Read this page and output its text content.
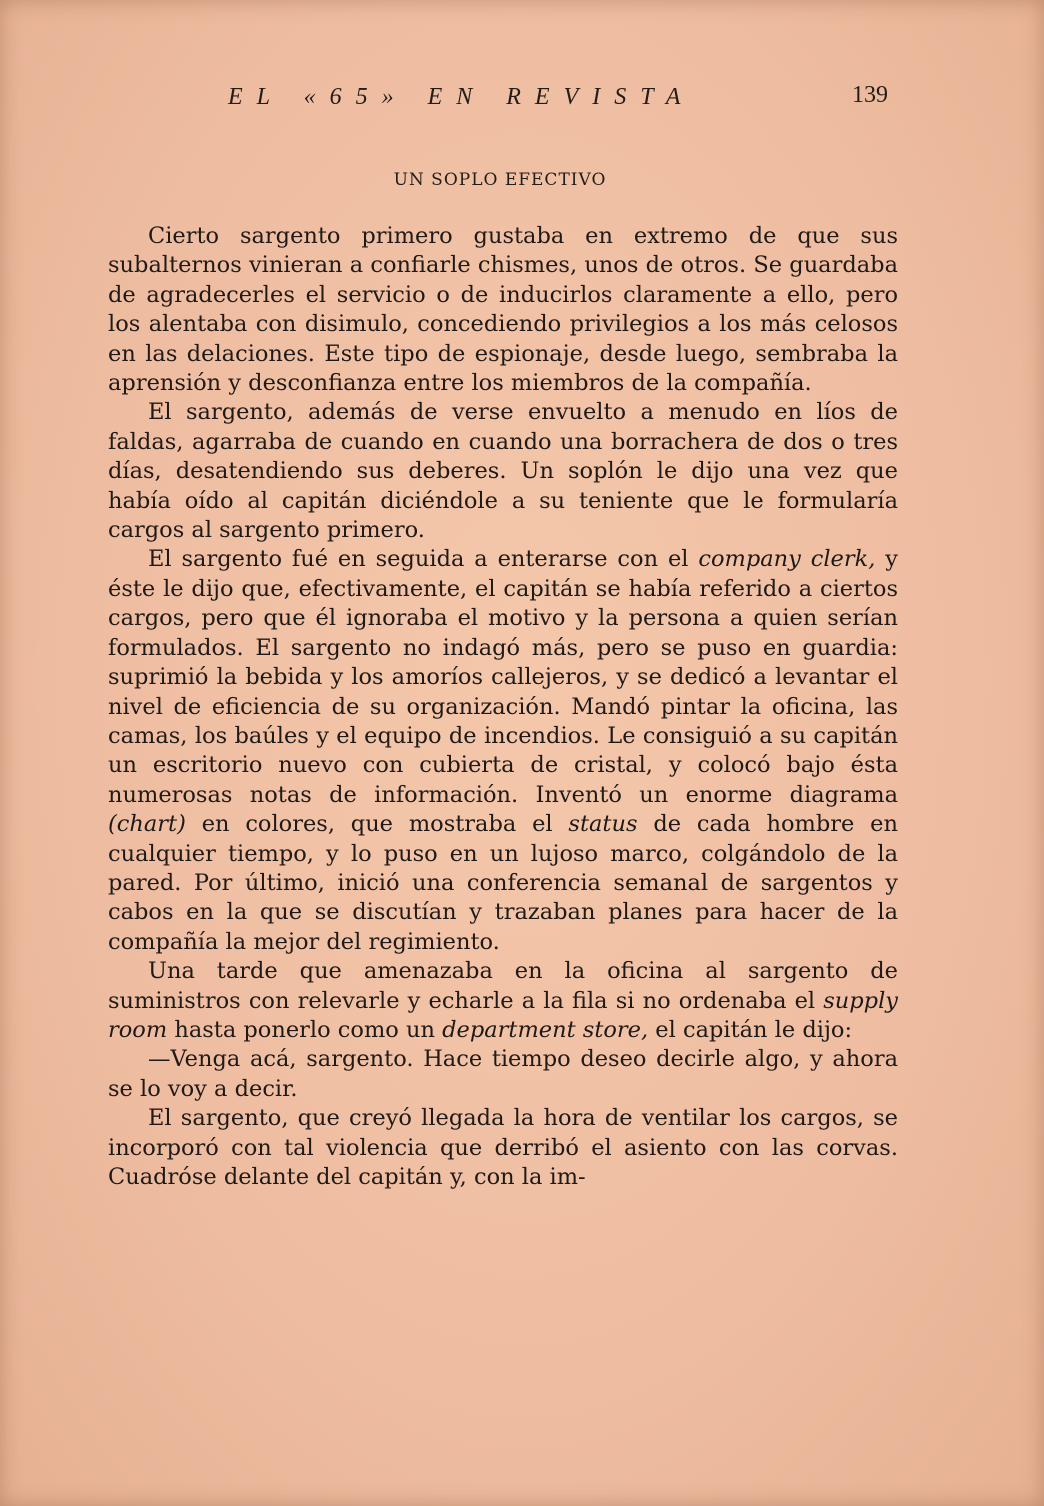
EL «65» EN REVISTA	139
UN SOPLO EFECTIVO

Cierto sargento primero gustaba en extremo de que sus subalternos vinieran a confiarle chismes, unos de otros. Se guardaba de agradecerles el servicio o de inducirlos claramente a ello, pero los alentaba con disimulo, concediendo privilegios a los más celosos en las delaciones. Este tipo de espionaje, desde luego, sembraba la aprensión y desconfianza entre los miembros de la compañía.

El sargento, además de verse envuelto a menudo en líos de faldas, agarraba de cuando en cuando una borrachera de dos o tres días, desatendiendo sus deberes. Un soplón le dijo una vez que había oído al capitán diciéndole a su teniente que le formularía cargos al sargento primero.

El sargento fué en seguida a enterarse con el company clerk, y éste le dijo que, efectivamente, el capitán se había referido a ciertos cargos, pero que él ignoraba el motivo y la persona a quien serían formulados. El sargento no indagó más, pero se puso en guardia: suprimió la bebida y los amoríos callejeros, y se dedicó a levantar el nivel de eficiencia de su organización. Mandó pintar la oficina, las camas, los baúles y el equipo de incendios. Le consiguió a su capitán un escritorio nuevo con cubierta de cristal, y colocó bajo ésta numerosas notas de información. Inventó un enorme diagrama (chart) en colores, que mostraba el status de cada hombre en cualquier tiempo, y lo puso en un lujoso marco, colgándolo de la pared. Por último, inició una conferencia semanal de sargentos y cabos en la que se discutían y trazaban planes para hacer de la compañía la mejor del regimiento.

Una tarde que amenazaba en la oficina al sargento de suministros con relevarle y echarle a la fila si no ordenaba el supply room hasta ponerlo como un department store, el capitán le dijo:

—Venga acá, sargento. Hace tiempo deseo decirle algo, y ahora se lo voy a decir.

El sargento, que creyó llegada la hora de ventilar los cargos, se incorporó con tal violencia que derribó el asiento con las corvas. Cuadróse delante del capitán y, con la im-
